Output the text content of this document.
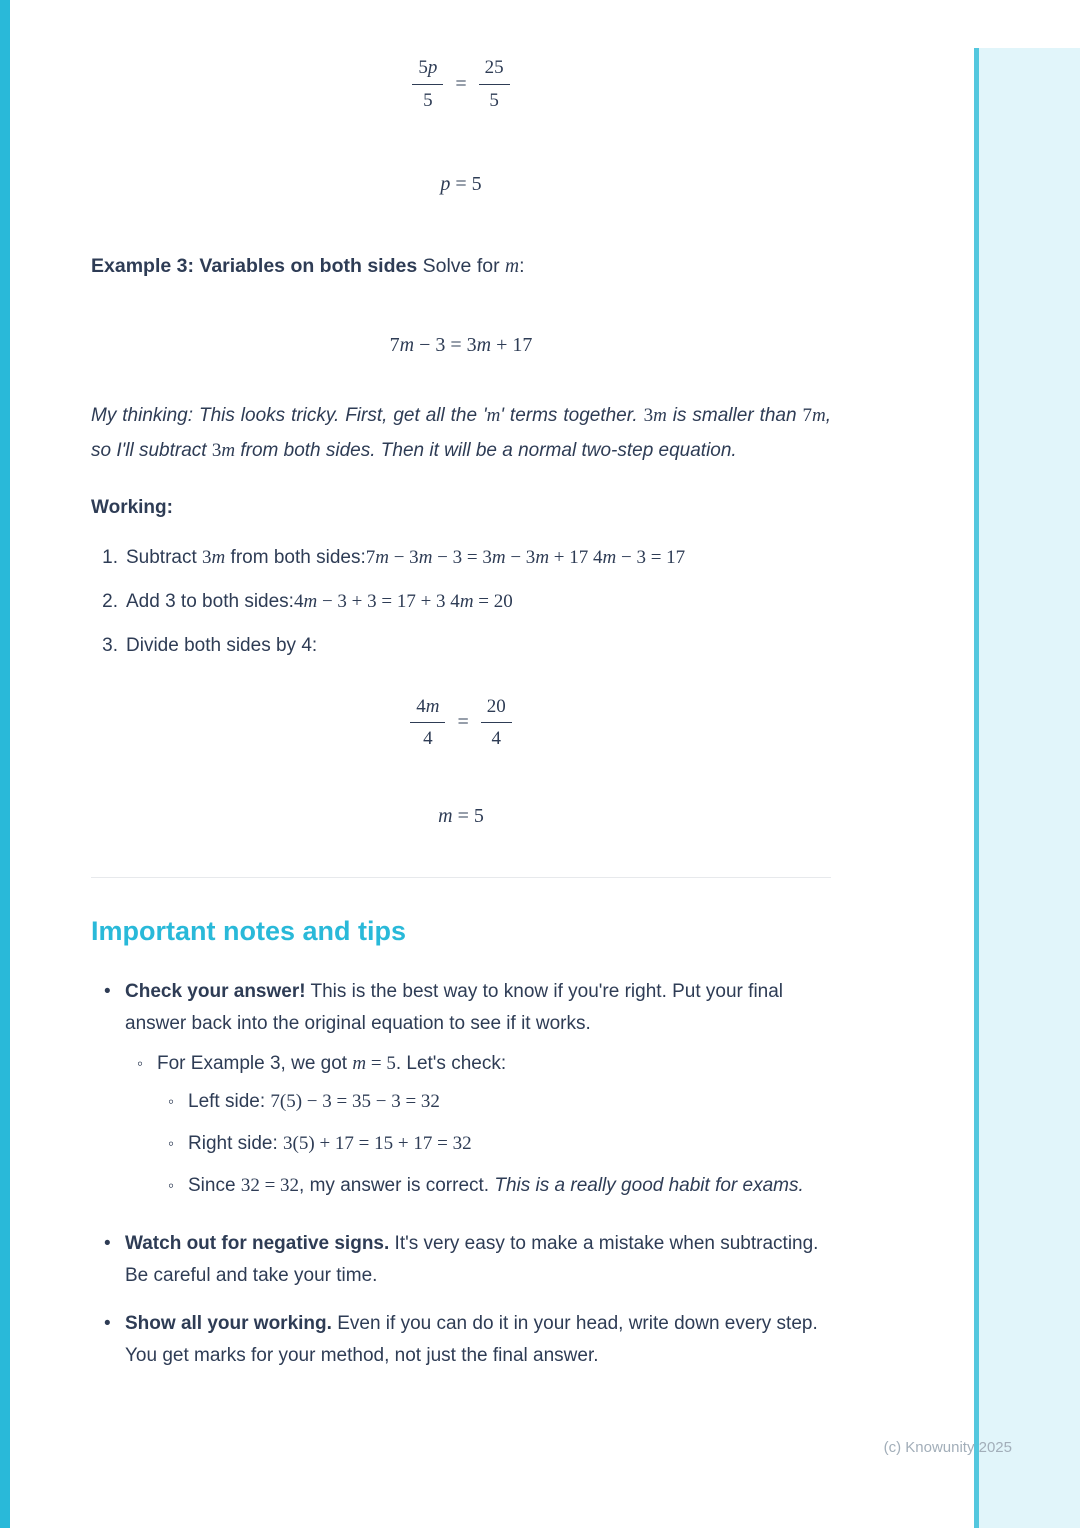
$\frac{5p}{5} = \frac{25}{5}$
p = 5
Example 3: Variables on both sides Solve for m:
7m − 3 = 3m + 17

My thinking: This looks tricky. First, get all the 'm' terms together. 3m is smaller than 7m, so I'll subtract 3m from both sides. Then it will be a normal two-step equation.

Working:

1. Subtract 3m from both sides:7m − 3m − 3 = 3m − 3m + 17 4m − 3 = 17
2. Add 3 to both sides:4m − 3 + 3 = 17 + 3 4m = 20
3. Divide both sides by 4:
$\frac{4m}{4} = \frac{20}{4}$
m = 5
Important notes and tips
• Check your answer! This is the best way to know if you're right. Put your final answer back into the original equation to see if it works.
◦ For Example 3, we got m = 5. Let's check:
◦ Left side: 7(5) − 3 = 35 − 3 = 32
◦ Right side: 3(5) + 17 = 15 + 17 = 32
◦ Since 32 = 32, my answer is correct. This is a really good habit for exams.
• Watch out for negative signs. It's very easy to make a mistake when subtracting. Be careful and take your time.
• Show all your working. Even if you can do it in your head, write down every step. You get marks for your method, not just the final answer.
(c) Knowunity 2025
